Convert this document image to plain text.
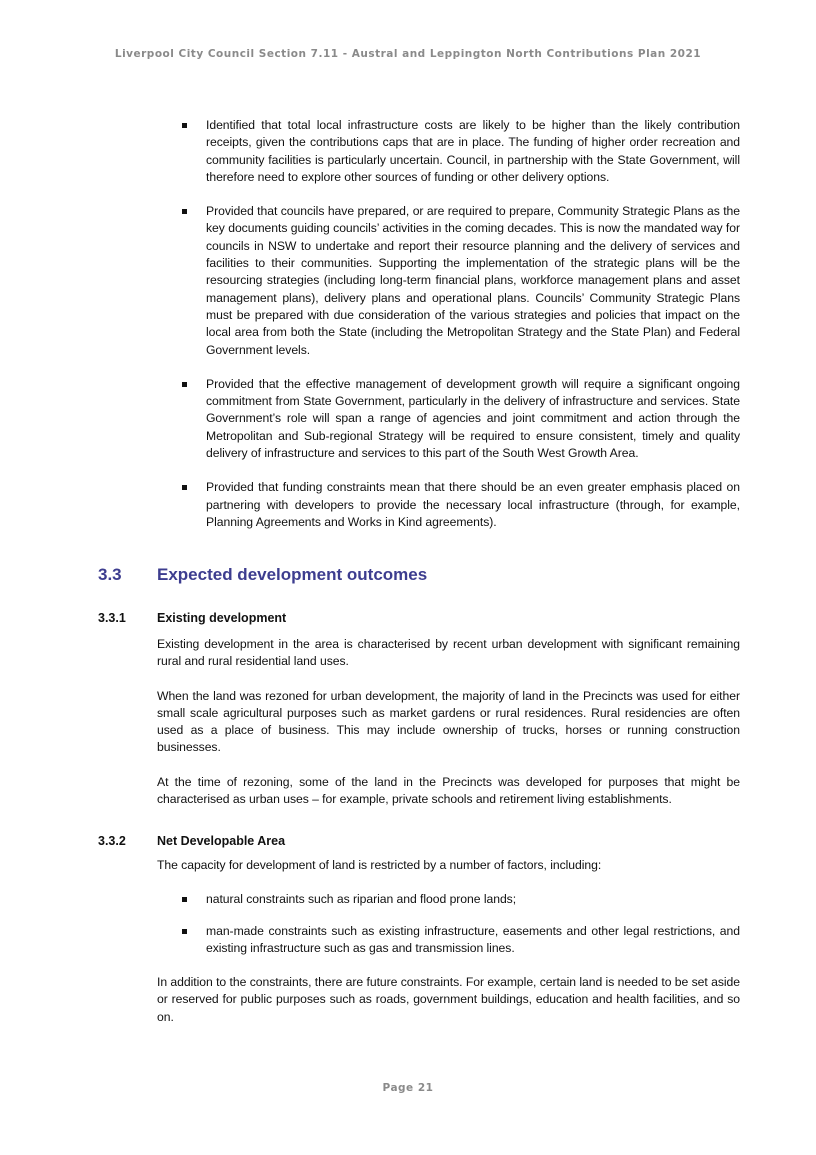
Liverpool City Council Section 7.11 - Austral and Leppington North Contributions Plan 2021
Identified that total local infrastructure costs are likely to be higher than the likely contribution receipts, given the contributions caps that are in place. The funding of higher order recreation and community facilities is particularly uncertain. Council, in partnership with the State Government, will therefore need to explore other sources of funding or other delivery options.
Provided that councils have prepared, or are required to prepare, Community Strategic Plans as the key documents guiding councils’ activities in the coming decades. This is now the mandated way for councils in NSW to undertake and report their resource planning and the delivery of services and facilities to their communities. Supporting the implementation of the strategic plans will be the resourcing strategies (including long-term financial plans, workforce management plans and asset management plans), delivery plans and operational plans. Councils’ Community Strategic Plans must be prepared with due consideration of the various strategies and policies that impact on the local area from both the State (including the Metropolitan Strategy and the State Plan) and Federal Government levels.
Provided that the effective management of development growth will require a significant ongoing commitment from State Government, particularly in the delivery of infrastructure and services. State Government’s role will span a range of agencies and joint commitment and action through the Metropolitan and Sub-regional Strategy will be required to ensure consistent, timely and quality delivery of infrastructure and services to this part of the South West Growth Area.
Provided that funding constraints mean that there should be an even greater emphasis placed on partnering with developers to provide the necessary local infrastructure (through, for example, Planning Agreements and Works in Kind agreements).
3.3 Expected development outcomes
3.3.1 Existing development

Existing development in the area is characterised by recent urban development with significant remaining rural and rural residential land uses.

When the land was rezoned for urban development, the majority of land in the Precincts was used for either small scale agricultural purposes such as market gardens or rural residences. Rural residencies are often used as a place of business. This may include ownership of trucks, horses or running construction businesses.

At the time of rezoning, some of the land in the Precincts was developed for purposes that might be characterised as urban uses – for example, private schools and retirement living establishments.

3.3.2 Net Developable Area

The capacity for development of land is restricted by a number of factors, including:

natural constraints such as riparian and flood prone lands;
man-made constraints such as existing infrastructure, easements and other legal restrictions, and existing infrastructure such as gas and transmission lines.

In addition to the constraints, there are future constraints. For example, certain land is needed to be set aside or reserved for public purposes such as roads, government buildings, education and health facilities, and so on.

Page 21
